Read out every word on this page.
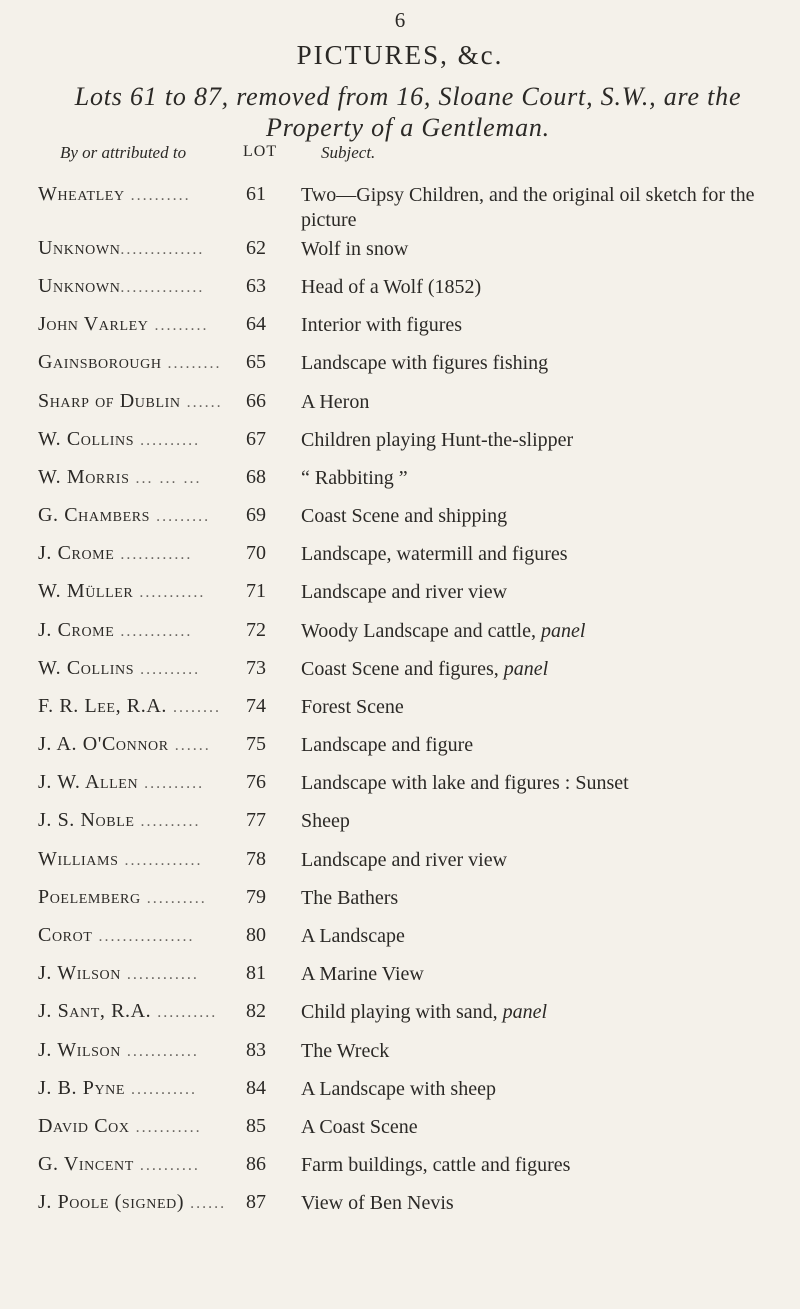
6
PICTURES, &c.
Lots 61 to 87, removed from 16, Sloane Court, S.W., are the Property of a Gentleman.
By or attributed to	LOT	Subject.
Wheatley ..........	61	Two—Gipsy Children, and the original oil sketch for the picture
Unknown..............	62	Wolf in snow
Unknown..............	63	Head of a Wolf (1852)
John Varley .........	64	Interior with figures
Gainsborough .........	65	Landscape with figures fishing
Sharp of Dublin ......	66	A Heron
W. Collins ..........	67	Children playing Hunt-the-slipper
W. Morris ... ... ...	68	“ Rabbiting ”
G. Chambers .........	69	Coast Scene and shipping
J. Crome ............	70	Landscape, watermill and figures
W. Müller ...........	71	Landscape and river view
J. Crome ............	72	Woody Landscape and cattle, panel
W. Collins ..........	73	Coast Scene and figures, panel
F. R. Lee, R.A. ........	74	Forest Scene
J. A. O'Connor ......	75	Landscape and figure
J. W. Allen ..........	76	Landscape with lake and figures : Sunset
J. S. Noble ..........	77	Sheep
Williams .............	78	Landscape and river view
Poelemberg ..........	79	The Bathers
Corot ................	80	A Landscape
J. Wilson ............	81	A Marine View
J. Sant, R.A. ..........	82	Child playing with sand, panel
J. Wilson ............	83	The Wreck
J. B. Pyne ...........	84	A Landscape with sheep
David Cox ...........	85	A Coast Scene
G. Vincent ..........	86	Farm buildings, cattle and figures
J. Poole (signed) ...... 87	View of Ben Nevis
